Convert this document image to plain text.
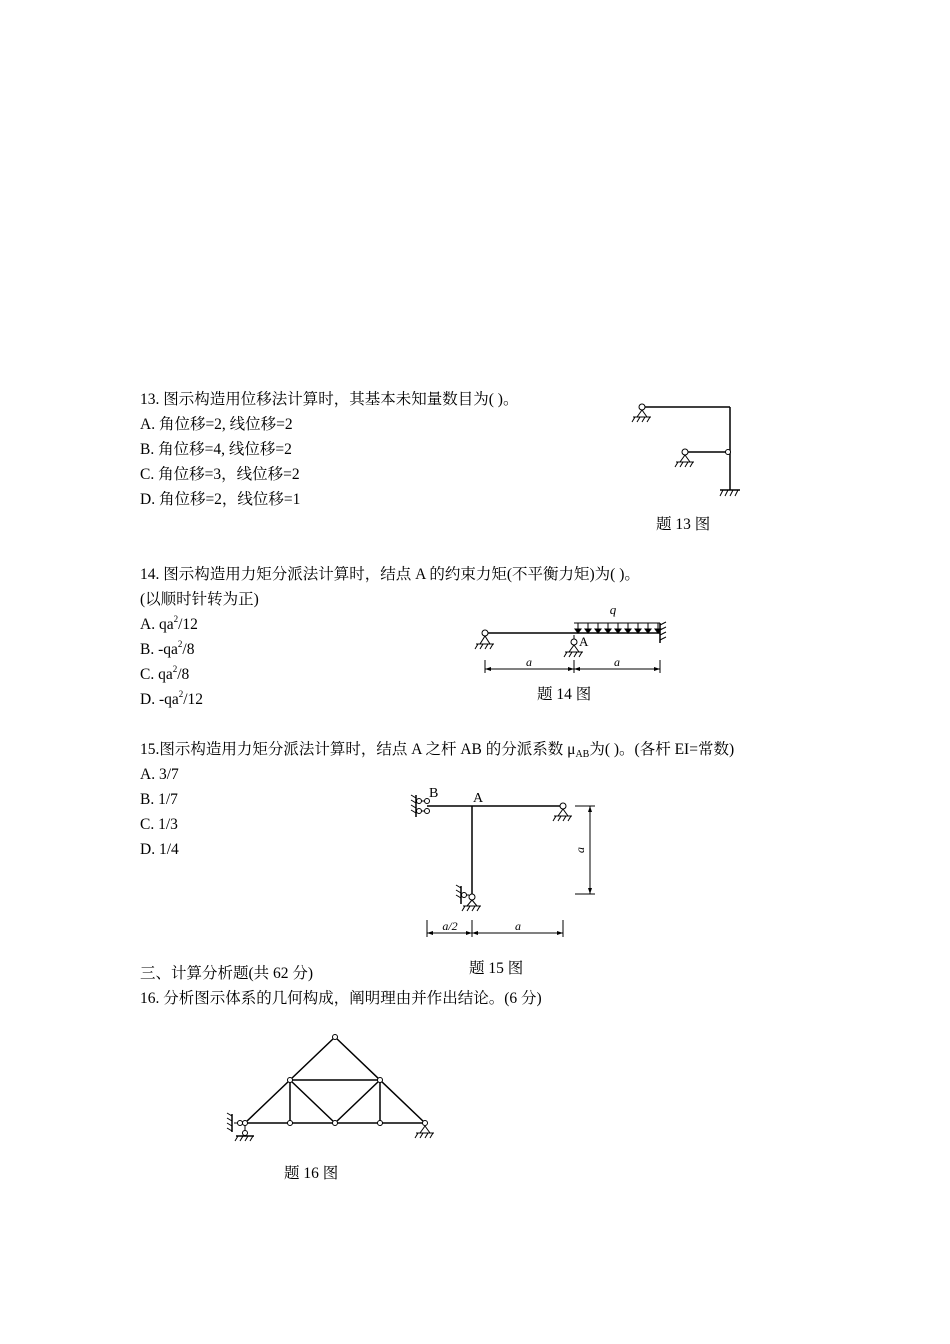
13. 图示构造用位移法计算时，其基本未知量数目为( )。
A. 角位移=2, 线位移=2
B. 角位移=4, 线位移=2
C. 角位移=3，线位移=2
D. 角位移=2，线位移=1
题 13 图
14. 图示构造用力矩分派法计算时，结点 A 的约束力矩(不平衡力矩)为( )。
(以顺时针转为正)
A. $qa^2/12$
B. $-qa^2/8$
C. $qa^2/8$
D. $-qa^2/12$
q
A
a	a
题 14 图
15.图示构造用力矩分派法计算时，结点 A 之杆 AB 的分派系数 $\mu_{AB}$为( )。(各杆 EI=常数)
A. 3/7
B. 1/7
C. 1/3
D. 1/4
B A
a
a/2	a
题 15 图
三、计算分析题(共 62 分)
16. 分析图示体系的几何构成，阐明理由并作出结论。(6 分)
题 16 图
